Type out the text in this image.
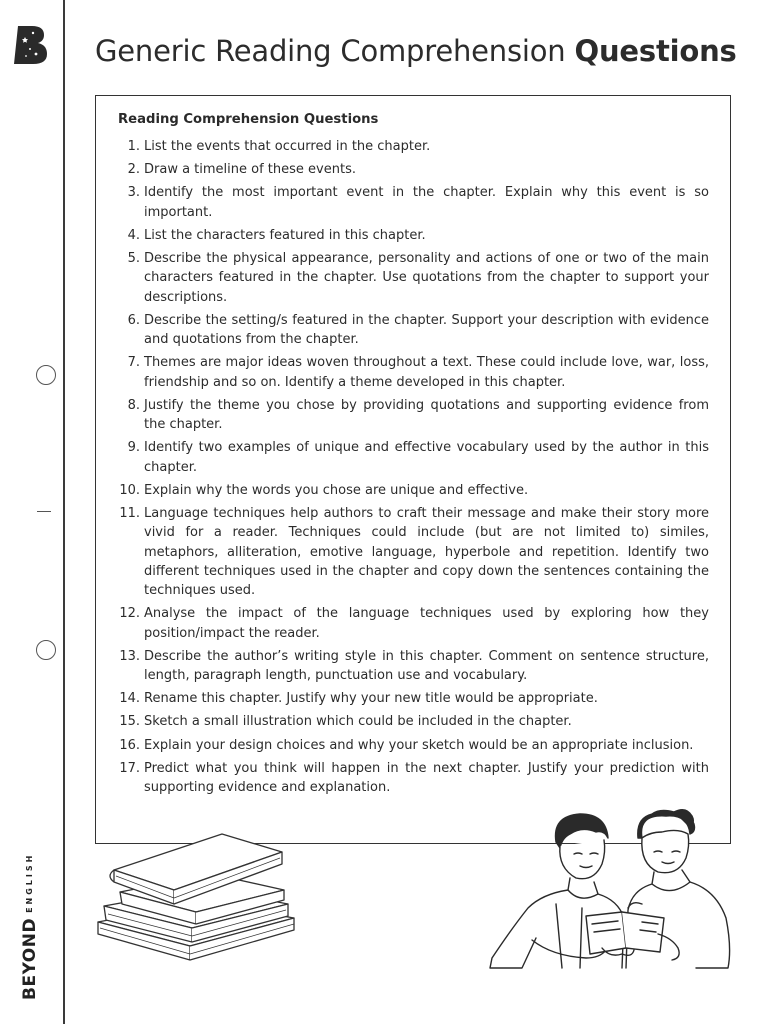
BEYONDENGLISH
Generic Reading Comprehension Questions
Reading Comprehension Questions
1. List the events that occurred in the chapter.
2. Draw a timeline of these events.
3. Identify the most important event in the chapter. Explain why this event is so important.
4. List the characters featured in this chapter.
5. Describe the physical appearance, personality and actions of one or two of the main characters featured in the chapter. Use quotations from the chapter to support your descriptions.
6. Describe the setting/s featured in the chapter. Support your description with evidence and quotations from the chapter.
7. Themes are major ideas woven throughout a text. These could include love, war, loss, friendship and so on. Identify a theme developed in this chapter.
8. Justify the theme you chose by providing quotations and supporting evidence from the chapter.
9. Identify two examples of unique and effective vocabulary used by the author in this chapter.
10. Explain why the words you chose are unique and effective.
11. Language techniques help authors to craft their message and make their story more vivid for a reader. Techniques could include (but are not limited to) similes, metaphors, alliteration, emotive language, hyperbole and repetition. Identify two different techniques used in the chapter and copy down the sentences containing the techniques used.
12. Analyse the impact of the language techniques used by exploring how they position/impact the reader.
13. Describe the author’s writing style in this chapter. Comment on sentence structure, length, paragraph length, punctuation use and vocabulary.
14. Rename this chapter. Justify why your new title would be appropriate.
15. Sketch a small illustration which could be included in the chapter.
16. Explain your design choices and why your sketch would be an appropriate inclusion.
17. Predict what you think will happen in the next chapter. Justify your prediction with supporting evidence and explanation.
